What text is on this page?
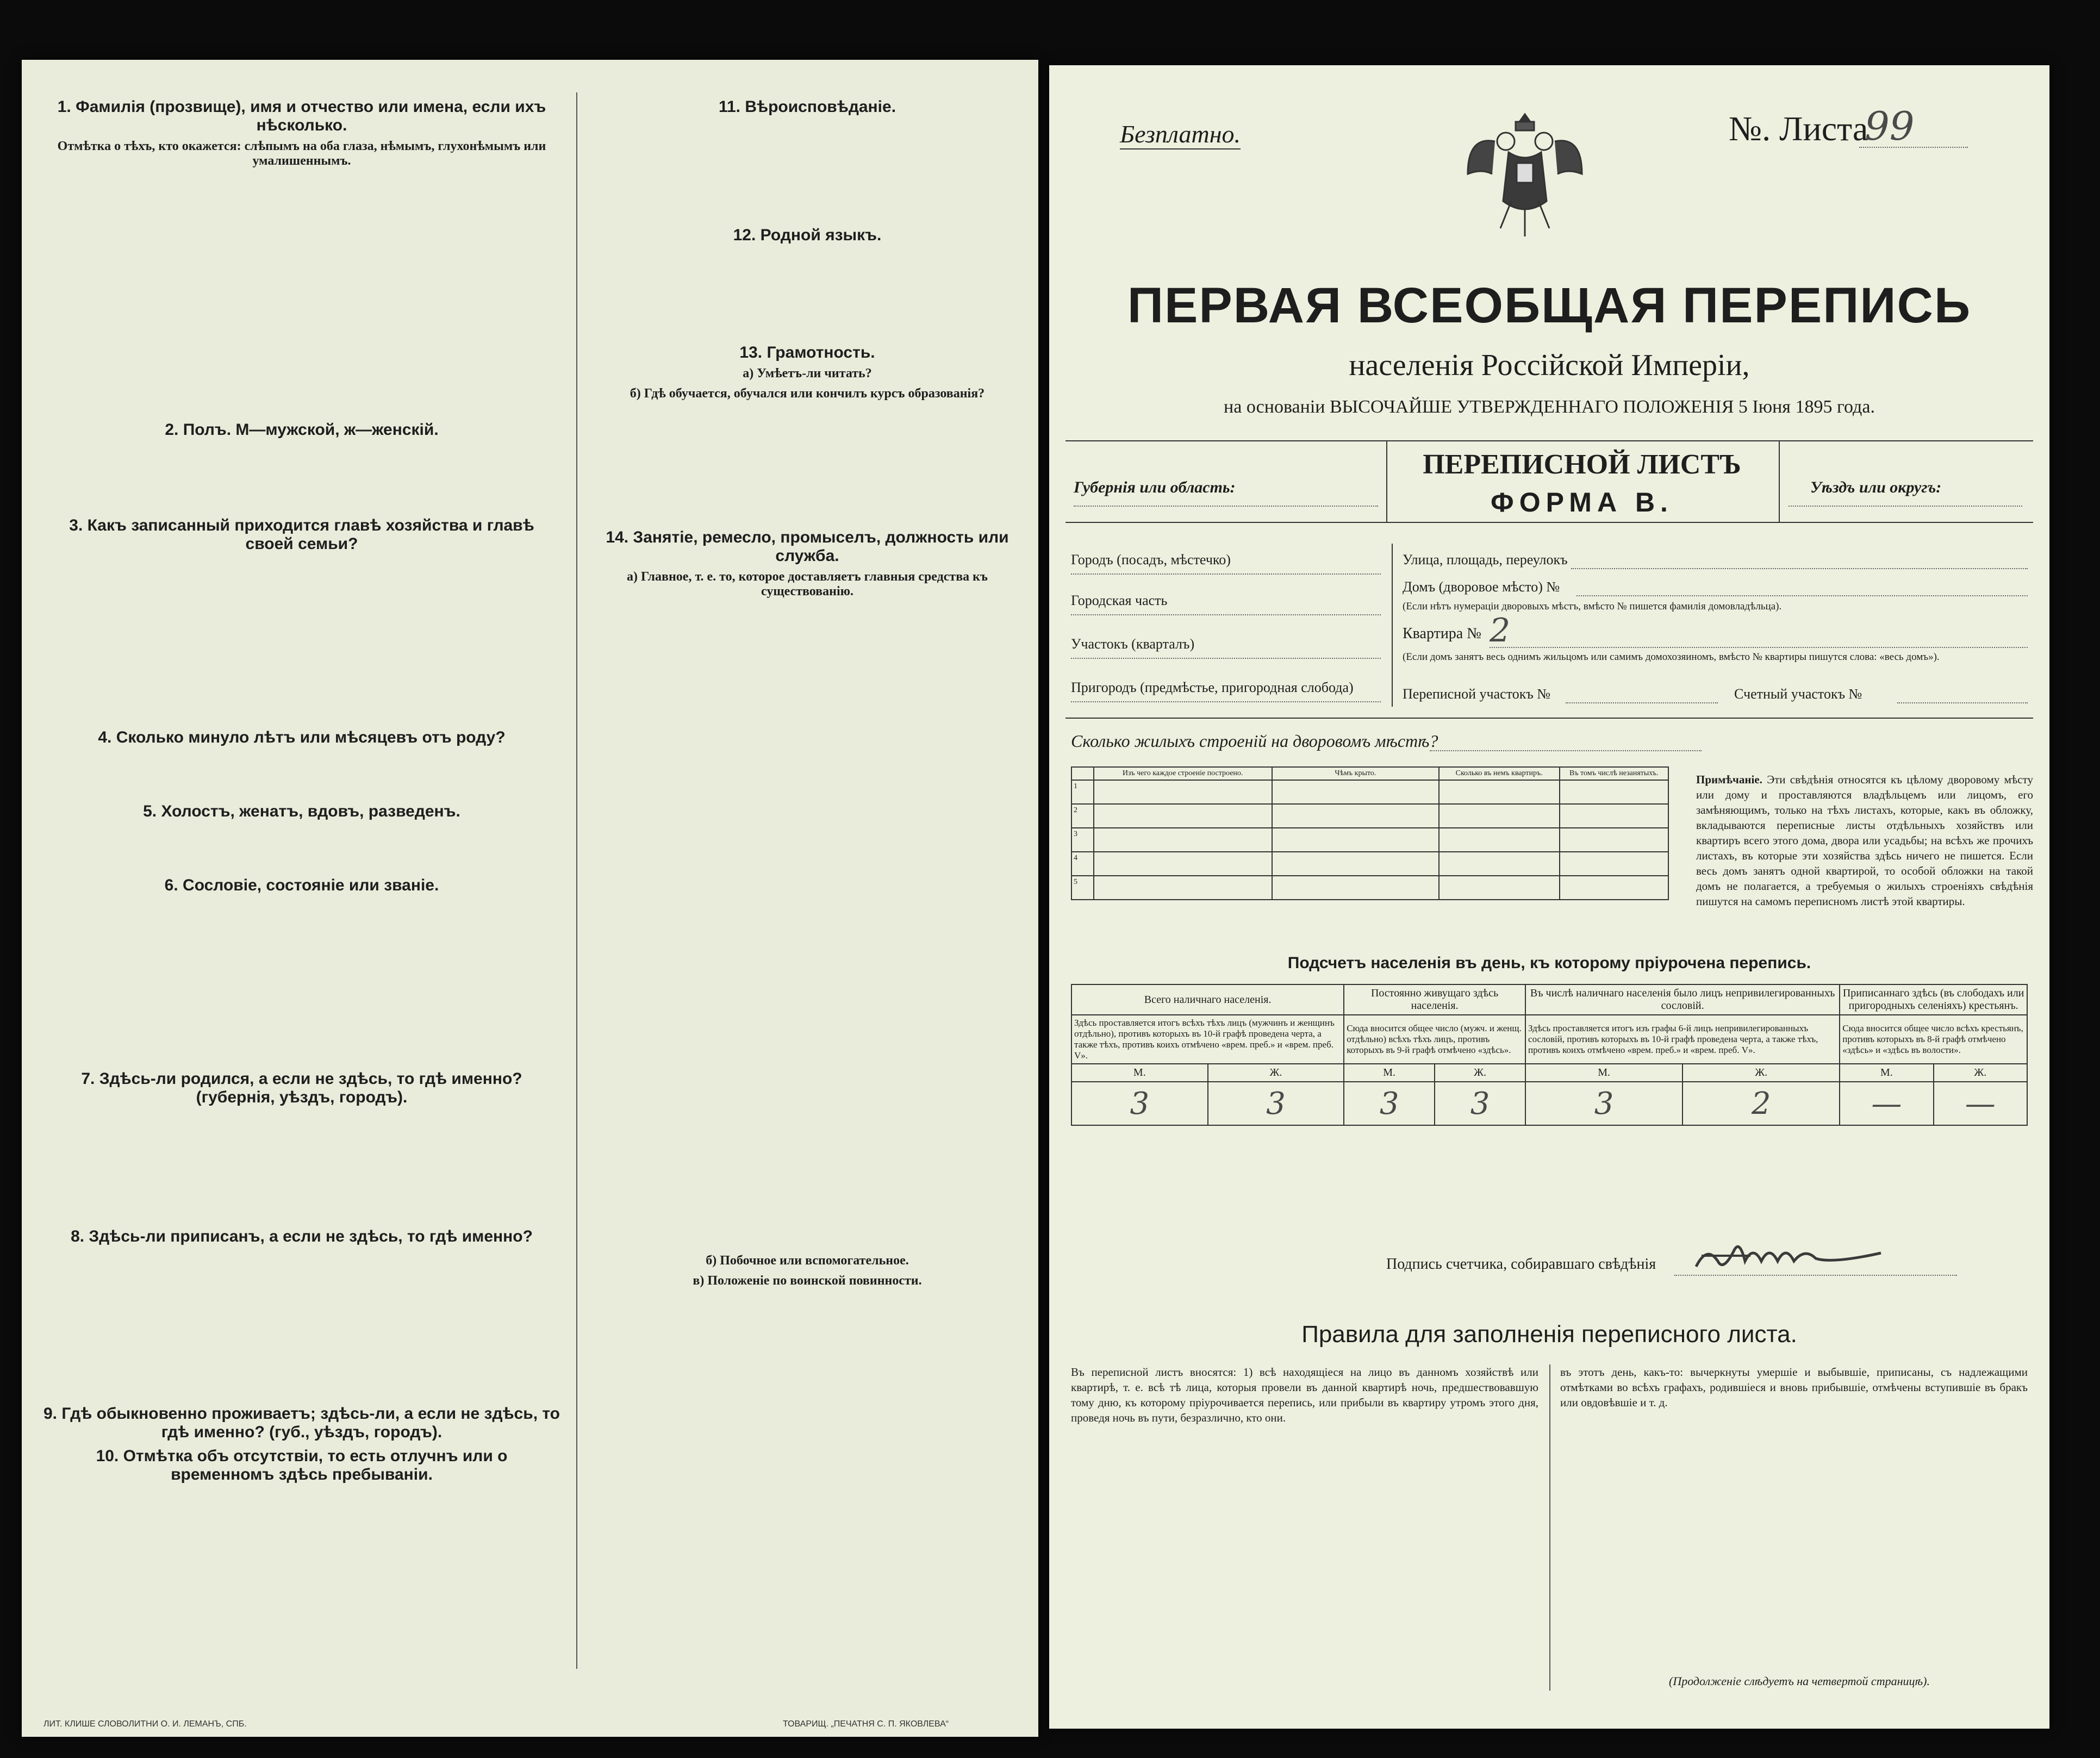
1. Фамилія (прозвище), имя и отчество или имена, если ихъ нѣсколько.
Отмѣтка о тѣхъ, кто окажется: слѣпымъ на оба глаза, нѣмымъ, глухонѣмымъ или умалишеннымъ.
2. Полъ. М—мужской, ж—женскій.
3. Какъ записанный приходится главѣ хозяйства и главѣ своей семьи?
4. Сколько минуло лѣтъ или мѣсяцевъ отъ роду?
5. Холостъ, женатъ, вдовъ, разведенъ.
6. Сословіе, состояніе или званіе.
7. Здѣсь-ли родился, а если не здѣсь, то гдѣ именно? (губернія, уѣздъ, городъ).
8. Здѣсь-ли приписанъ, а если не здѣсь, то гдѣ именно?
9. Гдѣ обыкновенно проживаетъ; здѣсь-ли, а если не здѣсь, то гдѣ именно? (губ., уѣздъ, городъ).
10. Отмѣтка объ отсутствіи, то есть отлучнъ или о временномъ здѣсь пребываніи.
11. Вѣроисповѣданіе.
12. Родной языкъ.
13. Грамотность.
а) Умѣетъ-ли читать?
б) Гдѣ обучается, обучался или кончилъ курсъ образованія?
14. Занятіе, ремесло, промыселъ, должность или служба.
а) Главное, т. е. то, которое доставляетъ главныя средства къ существованію.
б) Побочное или вспомогательное.
в) Положеніе по воинской повинности.
ЛИТ. КЛИШЕ СЛОВОЛИТНИ О. И. ЛЕМАНЪ, СПБ.	ТОВАРИЩ. „ПЕЧАТНЯ С. П. ЯКОВЛЕВА“
Безплатно.	№. Листа
99
ПЕРВАЯ ВСЕОБЩАЯ ПЕРЕПИСЬ
населенія Россійской Имперіи,
на основаніи ВЫСОЧАЙШЕ УТВЕРЖДЕННАГО ПОЛОЖЕНІЯ 5 Іюня 1895 года.
Губернія или область:
ПЕРЕПИСНОЙ ЛИСТЪ
ФОРМА В.	Уѣздъ или округъ:
Городъ (посадъ, мѣстечко)
Городская часть
Участокъ (кварталъ)
Пригородъ (предмѣстье, пригородная слобода)
Улица, площадь, переулокъ
Домъ (дворовое мѣсто) №
(Если нѣтъ нумераціи дворовыхъ мѣстъ, вмѣсто № пишется фамилія домовладѣльца).
Квартира № 2
(Если домъ занятъ весь однимъ жильцомъ или самимъ домохозяиномъ, вмѣсто № квартиры пишутся слова: «весь домъ»).
Переписной участокъ №	Счетный участокъ №
Сколько жилыхъ строеній на дворовомъ мѣстѣ?
	Изъ чего каждое строеніе построено.	Чѣмъ крыто.	Сколько въ немъ квартиръ.	Въ томъ числѣ незанятыхъ.
1				
2				
3				
4				
5				
Примѣчаніе. Эти свѣдѣнія относятся къ цѣлому дворовому мѣсту или дому и проставляются владѣльцемъ или лицомъ, его замѣняющимъ, только на тѣхъ листахъ, которые, какъ въ обложку, вкладываются переписные листы отдѣльныхъ хозяйствъ или квартиръ всего этого дома, двора или усадьбы; на всѣхъ же прочихъ листахъ, въ которые эти хозяйства здѣсь ничего не пишется. Если весь домъ занятъ одной квартирой, то особой обложки на такой домъ не полагается, а требуемыя о жилыхъ строеніяхъ свѣдѣнія пишутся на самомъ переписномъ листѣ этой квартиры.
Подсчетъ населенія въ день, къ которому пріурочена перепись.
Всего наличнаго населенія.		Постоянно живущаго здѣсь населенія.		Въ числѣ наличнаго населенія было лицъ непривилегированныхъ сословій.		Приписаннаго здѣсь (въ слободахъ или пригородныхъ селеніяхъ) крестьянъ.	
Здѣсь проставляется итогъ всѣхъ тѣхъ лицъ (мужчинъ и женщинъ отдѣльно), противъ которыхъ въ 10-й графѣ проведена черта, а также тѣхъ, противъ коихъ отмѣчено «врем. преб.» и «врем. преб. V».		Сюда вносится общее число (мужч. и женщ. отдѣльно) всѣхъ тѣхъ лицъ, противъ которыхъ въ 9-й графѣ отмѣчено «здѣсь».		Здѣсь проставляется итогъ изъ графы 6-й лицъ непривилегированныхъ сословій, противъ которыхъ въ 10-й графѣ проведена черта, а также тѣхъ, противъ коихъ отмѣчено «врем. преб.» и «врем. преб. V».		Сюда вносится общее число всѣхъ крестьянъ, противъ которыхъ въ 8-й графѣ отмѣчено «здѣсь» и «здѣсь въ волости».	
М.	Ж.	М.	Ж.	М.	Ж.	М.	Ж.
3	3	3	3	3	2	—	—
Подпись счетчика, собиравшаго свѣдѣнія
Правила для заполненія переписного листа.
Въ переписной листъ вносятся: 1) всѣ находящіеся на лицо въ данномъ хозяйствѣ или квартирѣ, т. е. всѣ тѣ лица, которыя провели въ данной квартирѣ ночь, предшествовавшую тому дню, къ которому пріурочивается перепись, или прибыли въ квартиру утромъ этого дня, проведя ночь въ пути, безразлично, кто они.
въ этотъ день, какъ-то: вычеркнуты умершіе и выбывшіе, приписаны, съ надлежащими отмѣтками во всѣхъ графахъ, родившіеся и вновь прибывшіе, отмѣчены вступившіе въ бракъ или овдовѣвшіе и т. д.
(Продолженіе слѣдуетъ на четвертой страницѣ).
